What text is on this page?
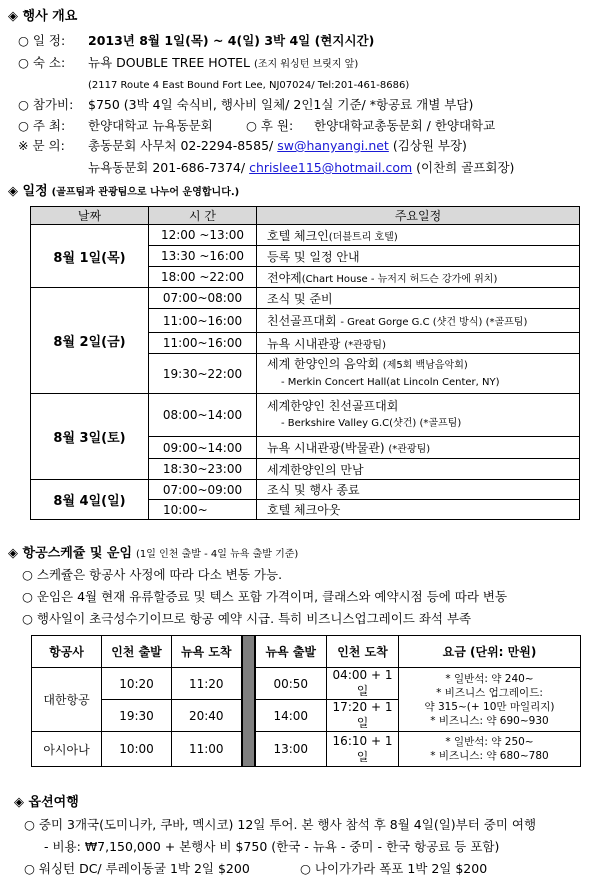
◈ 행사 개요
○ 일 정: 2013년 8월 1일(목) ~ 4(일) 3박 4일 (현지시간)
○ 숙 소: 뉴욕 DOUBLE TREE HOTEL (조지 워싱턴 브릿지 앞)
(2117 Route 4 East Bound Fort Lee, NJ07024/ Tel:201-461-8686)
○ 참가비: $750 (3박 4일 숙식비, 행사비 일체/ 2인1실 기준/ *항공료 개별 부담)
○ 주 최: 한양대학교 뉴욕동문회	○ 후 원: 한양대학교총동문회 / 한양대학교
※ 문 의: 총동문회 사무처 02-2294-8585/ sw@hanyangi.net (김상원 부장)
뉴욕동문회 201-686-7374/ chrislee115@hotmail.com (이찬희 골프회장)
◈ 일정 (골프팀과 관광팀으로 나누어 운영합니다.)
날짜	시 간	주요일정
8월 1일(목)	12:00 ~13:00	호텔 체크인(더블트리 호텔)
	13:30 ~16:00	등록 및 일정 안내
	18:00 ~22:00	전야제(Chart House - 뉴저지 허드슨 강가에 위치)
8월 2일(금)	07:00~08:00	조식 및 준비
	11:00~16:00	친선골프대회 - Great Gorge G.C (샷건 방식) (*골프팀)
	11:00~16:00	뉴욕 시내관광 (*관광팀)
	19:30~22:00	세계 한양인의 음악회 (제5회 백남음악회)
- Merkin Concert Hall(at Lincoln Center, NY)

8월 3일(토)	08:00~14:00	세계한양인 친선골프대회
- Berkshire Valley G.C(샷건) (*골프팀)

	09:00~14:00	뉴욕 시내관광(박물관) (*관광팀)
	18:30~23:00	세계한양인의 만남
8월 4일(일)	07:00~09:00	조식 및 행사 종료
	10:00~	호텔 체크아웃
◈ 항공스케쥴 및 운임 (1일 인천 출발 - 4일 뉴욕 출발 기준)
○ 스케쥴은 항공사 사정에 따라 다소 변동 가능.
○ 운임은 4월 현재 유류할증료 및 텍스 포함 가격이며, 클래스와 예약시점 등에 따라 변동
○ 행사일이 초극성수기이므로 항공 예약 시급. 특히 비즈니스업그레이드 좌석 부족
항공사	인천 출발	뉴욕 도착		뉴욕 출발	인천 도착	요금 (단위: 만원)
대한항공	10:20	11:20		00:50	04:00 + 1일	* 일반석: 약 240~
* 비즈니스 업그레이드:
약 315~(+ 10만 마일리지)
* 비즈니스: 약 690~930

	19:30	20:40		14:00	17:20 + 1일	
아시아나	10:00	11:00		13:00	16:10 + 1일	* 일반석: 약 250~
* 비즈니스: 약 680~780
◈ 옵션여행
○ 중미 3개국(도미니카, 쿠바, 멕시코) 12일 투어. 본 행사 참석 후 8월 4일(일)부터 중미 여행
- 비용: ₩7,150,000 + 본행사 비 $750 (한국 - 뉴욕 - 중미 - 한국 항공료 등 포함)
○ 워싱턴 DC/ 루레이동굴 1박 2일 $200	○ 나이가가라 폭포 1박 2일 $200
